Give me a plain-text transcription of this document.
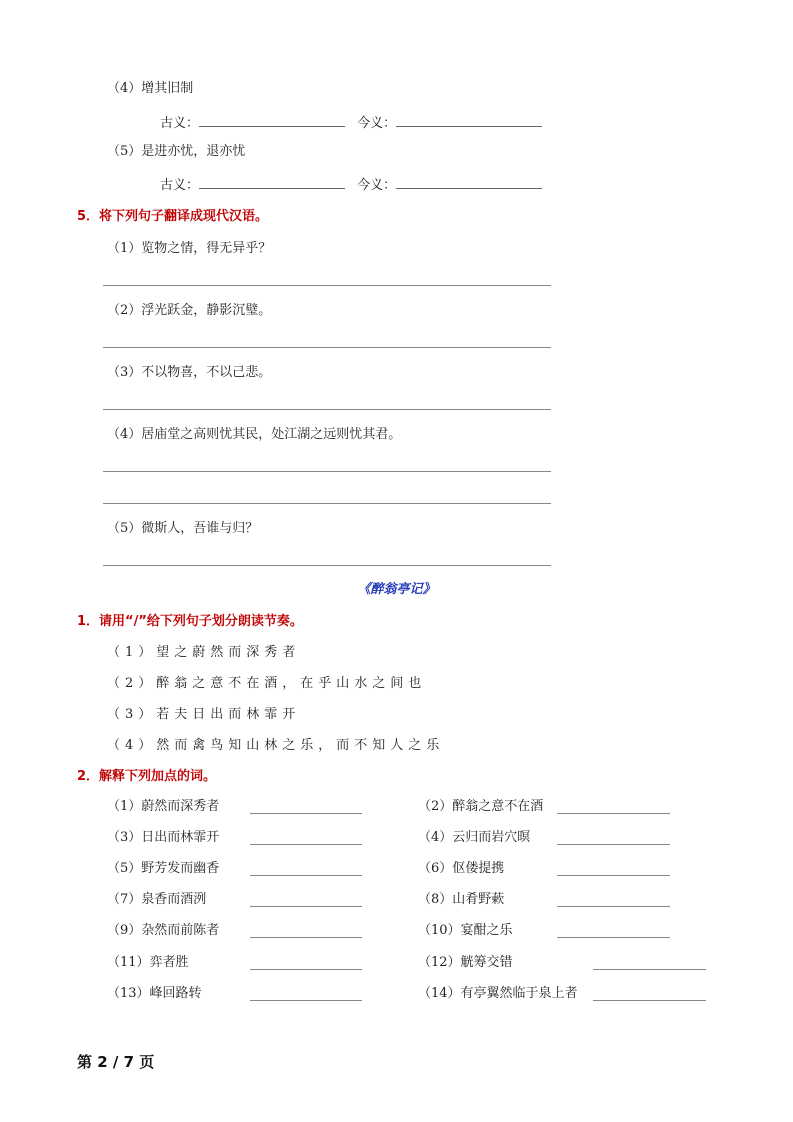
（4）增其旧制
古义：	今义：
（5）是进亦忧，退亦忧
古义：	今义：
5．将下列句子翻译成现代汉语。
（1）览物之情，得无异乎？
（2）浮光跃金，静影沉璧。
（3）不以物喜，不以己悲。
（4）居庙堂之高则忧其民，处江湖之远则忧其君。
（5）微斯人，吾谁与归？
《醉翁亭记》
1．请用“/”给下列句子划分朗读节奏。
（1）望之蔚然而深秀者
（2）醉翁之意不在酒，在乎山水之间也
（3）若夫日出而林霏开
（4）然而禽鸟知山林之乐，而不知人之乐
2．解释下列加点的词。
（1）蔚然而深秀者	（2）醉翁之意不在酒
（3）日出而林霏开	（4）云归而岩穴暝
（5）野芳发而幽香	（6）伛偻提携
（7）泉香而酒洌	（8）山肴野蔌
（9）杂然而前陈者	（10）宴酣之乐
（11）弈者胜	（12）觥筹交错
（13）峰回路转	（14）有亭翼然临于泉上者
第 2 / 7 页
